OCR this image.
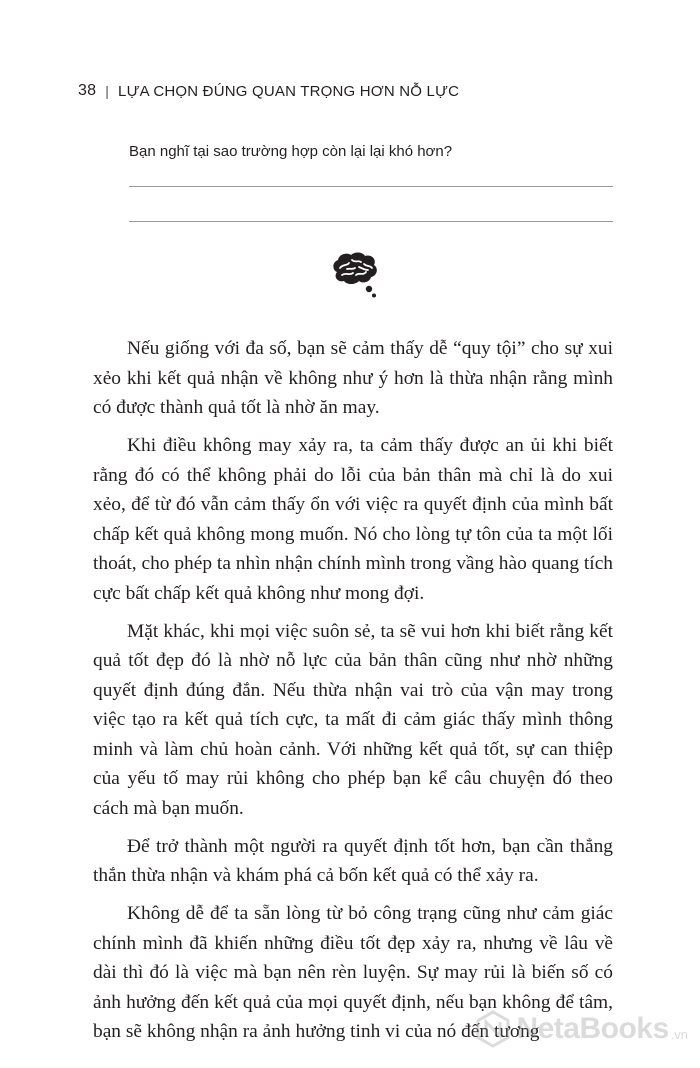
38 | LỰA CHỌN ĐÚNG QUAN TRỌNG HƠN NỖ LỰC
Bạn nghĩ tại sao trường hợp còn lại lại khó hơn?

Nếu giống với đa số, bạn sẽ cảm thấy dễ “quy tội” cho sự xui xẻo khi kết quả nhận về không như ý hơn là thừa nhận rằng mình có được thành quả tốt là nhờ ăn may.

Khi điều không may xảy ra, ta cảm thấy được an ủi khi biết rằng đó có thể không phải do lỗi của bản thân mà chỉ là do xui xẻo, để từ đó vẫn cảm thấy ổn với việc ra quyết định của mình bất chấp kết quả không mong muốn. Nó cho lòng tự tôn của ta một lối thoát, cho phép ta nhìn nhận chính mình trong vầng hào quang tích cực bất chấp kết quả không như mong đợi.

Mặt khác, khi mọi việc suôn sẻ, ta sẽ vui hơn khi biết rằng kết quả tốt đẹp đó là nhờ nỗ lực của bản thân cũng như nhờ những quyết định đúng đắn. Nếu thừa nhận vai trò của vận may trong việc tạo ra kết quả tích cực, ta mất đi cảm giác thấy mình thông minh và làm chủ hoàn cảnh. Với những kết quả tốt, sự can thiệp của yếu tố may rủi không cho phép bạn kể câu chuyện đó theo cách mà bạn muốn.

Để trở thành một người ra quyết định tốt hơn, bạn cần thẳng thắn thừa nhận và khám phá cả bốn kết quả có thể xảy ra.

Không dễ để ta sẵn lòng từ bỏ công trạng cũng như cảm giác chính mình đã khiến những điều tốt đẹp xảy ra, nhưng về lâu về dài thì đó là việc mà bạn nên rèn luyện. Sự may rủi là biến số có ảnh hưởng đến kết quả của mọi quyết định, nếu bạn không để tâm, bạn sẽ không nhận ra ảnh hưởng tinh vi của nó đến tương

NetaBooks .vn
